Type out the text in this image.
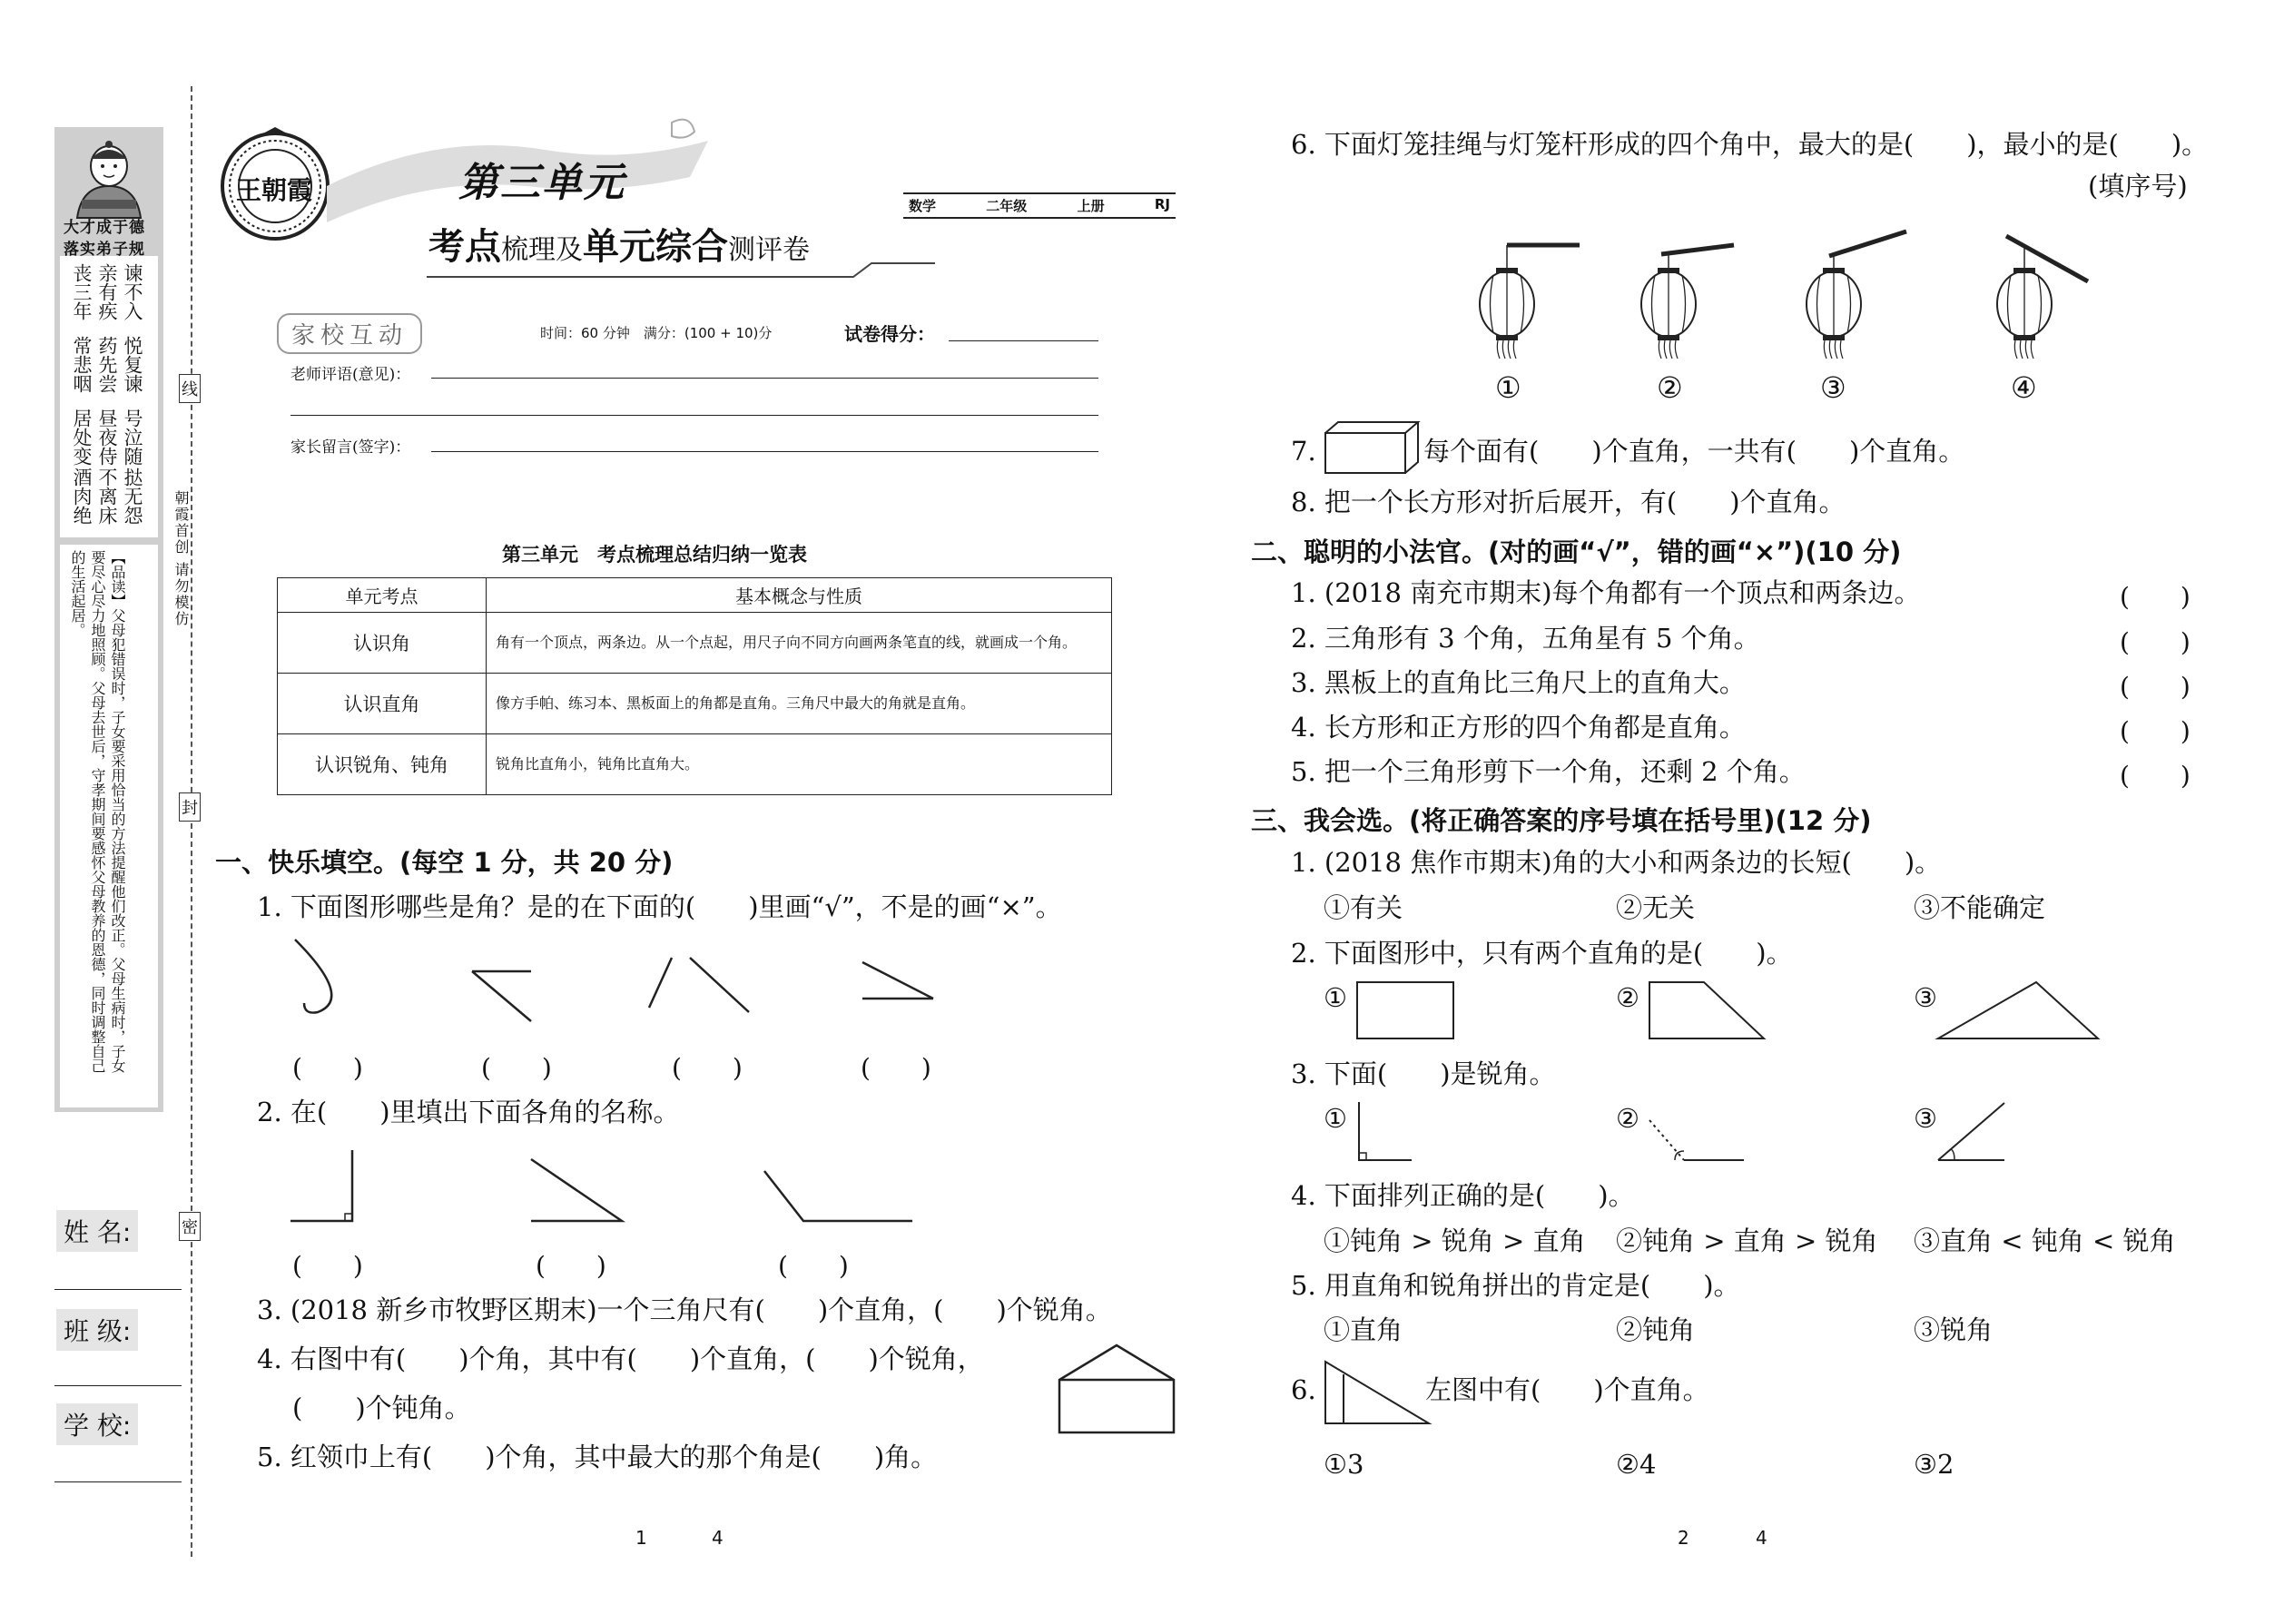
大才成于德
落实弟子规
丧三年
常悲咽
居处变
酒肉绝
亲有疾
药先尝
昼夜侍
不离床
谏不入
悦复谏
号泣随
挞无怨
【品读】父母犯错误时，子女要采用恰当的方法提醒他们改正。父母生病时，子女要尽心尽力地照顾。父母去世后，守孝期间要感怀父母教养的恩德，同时调整自己的生活起居。
姓 名:
班 级:
学 校:
线
封
密
朝霞首创 请勿模仿
王朝霞	第三单元
考点梳理及单元综合测评卷
数学	二年级	上册	RJ
家校互动	时间：60 分钟　满分：(100 + 10)分	试卷得分：
老师评语(意见)：
家长留言(签字)：
第三单元　考点梳理总结归纳一览表
单元考点	基本概念与性质
认识角	角有一个顶点，两条边。从一个点起，用尺子向不同方向画两条笔直的线，就画成一个角。
认识直角	像方手帕、练习本、黑板面上的角都是直角。三角尺中最大的角就是直角。
认识锐角、钝角	锐角比直角小，钝角比直角大。
一、快乐填空。(每空 1 分，共 20 分)
1. 下面图形哪些是角？是的在下面的(　　)里画“√”，不是的画“×”。
(　　)	(　　)	(　　)	(　　)
2. 在(　　)里填出下面各角的名称。
(　　)	(　　)	(　　)
3. (2018 新乡市牧野区期末)一个三角尺有(　　)个直角，(　　)个锐角。
4. 右图中有(　　)个角，其中有(　　)个直角，(　　)个锐角，
(　　)个钝角。
5. 红领巾上有(　　)个角，其中最大的那个角是(　　)角。
1	4
6. 下面灯笼挂绳与灯笼杆形成的四个角中，最大的是(　　)，最小的是(　　)。
(填序号)
①	②	③	④
7.	每个面有(　　)个直角，一共有(　　)个直角。
8. 把一个长方形对折后展开，有(　　)个直角。
二、聪明的小法官。(对的画“√”，错的画“×”)(10 分)
1. (2018 南充市期末)每个角都有一个顶点和两条边。	(　　)
2. 三角形有 3 个角，五角星有 5 个角。	(　　)
3. 黑板上的直角比三角尺上的直角大。	(　　)
4. 长方形和正方形的四个角都是直角。	(　　)
5. 把一个三角形剪下一个角，还剩 2 个角。	(　　)
三、我会选。(将正确答案的序号填在括号里)(12 分)
1. (2018 焦作市期末)角的大小和两条边的长短(　　)。
①有关	②无关	③不能确定
2. 下面图形中，只有两个直角的是(　　)。
①	②	③
3. 下面(　　)是锐角。
①	②	③
4. 下面排列正确的是(　　)。
①钝角 > 锐角 > 直角 ②钝角 > 直角 > 锐角 ③直角 < 钝角 < 锐角
5. 用直角和锐角拼出的肯定是(　　)。
①直角	②钝角	③锐角
6.	左图中有(　　)个直角。
①3	②4	③2
2	4
